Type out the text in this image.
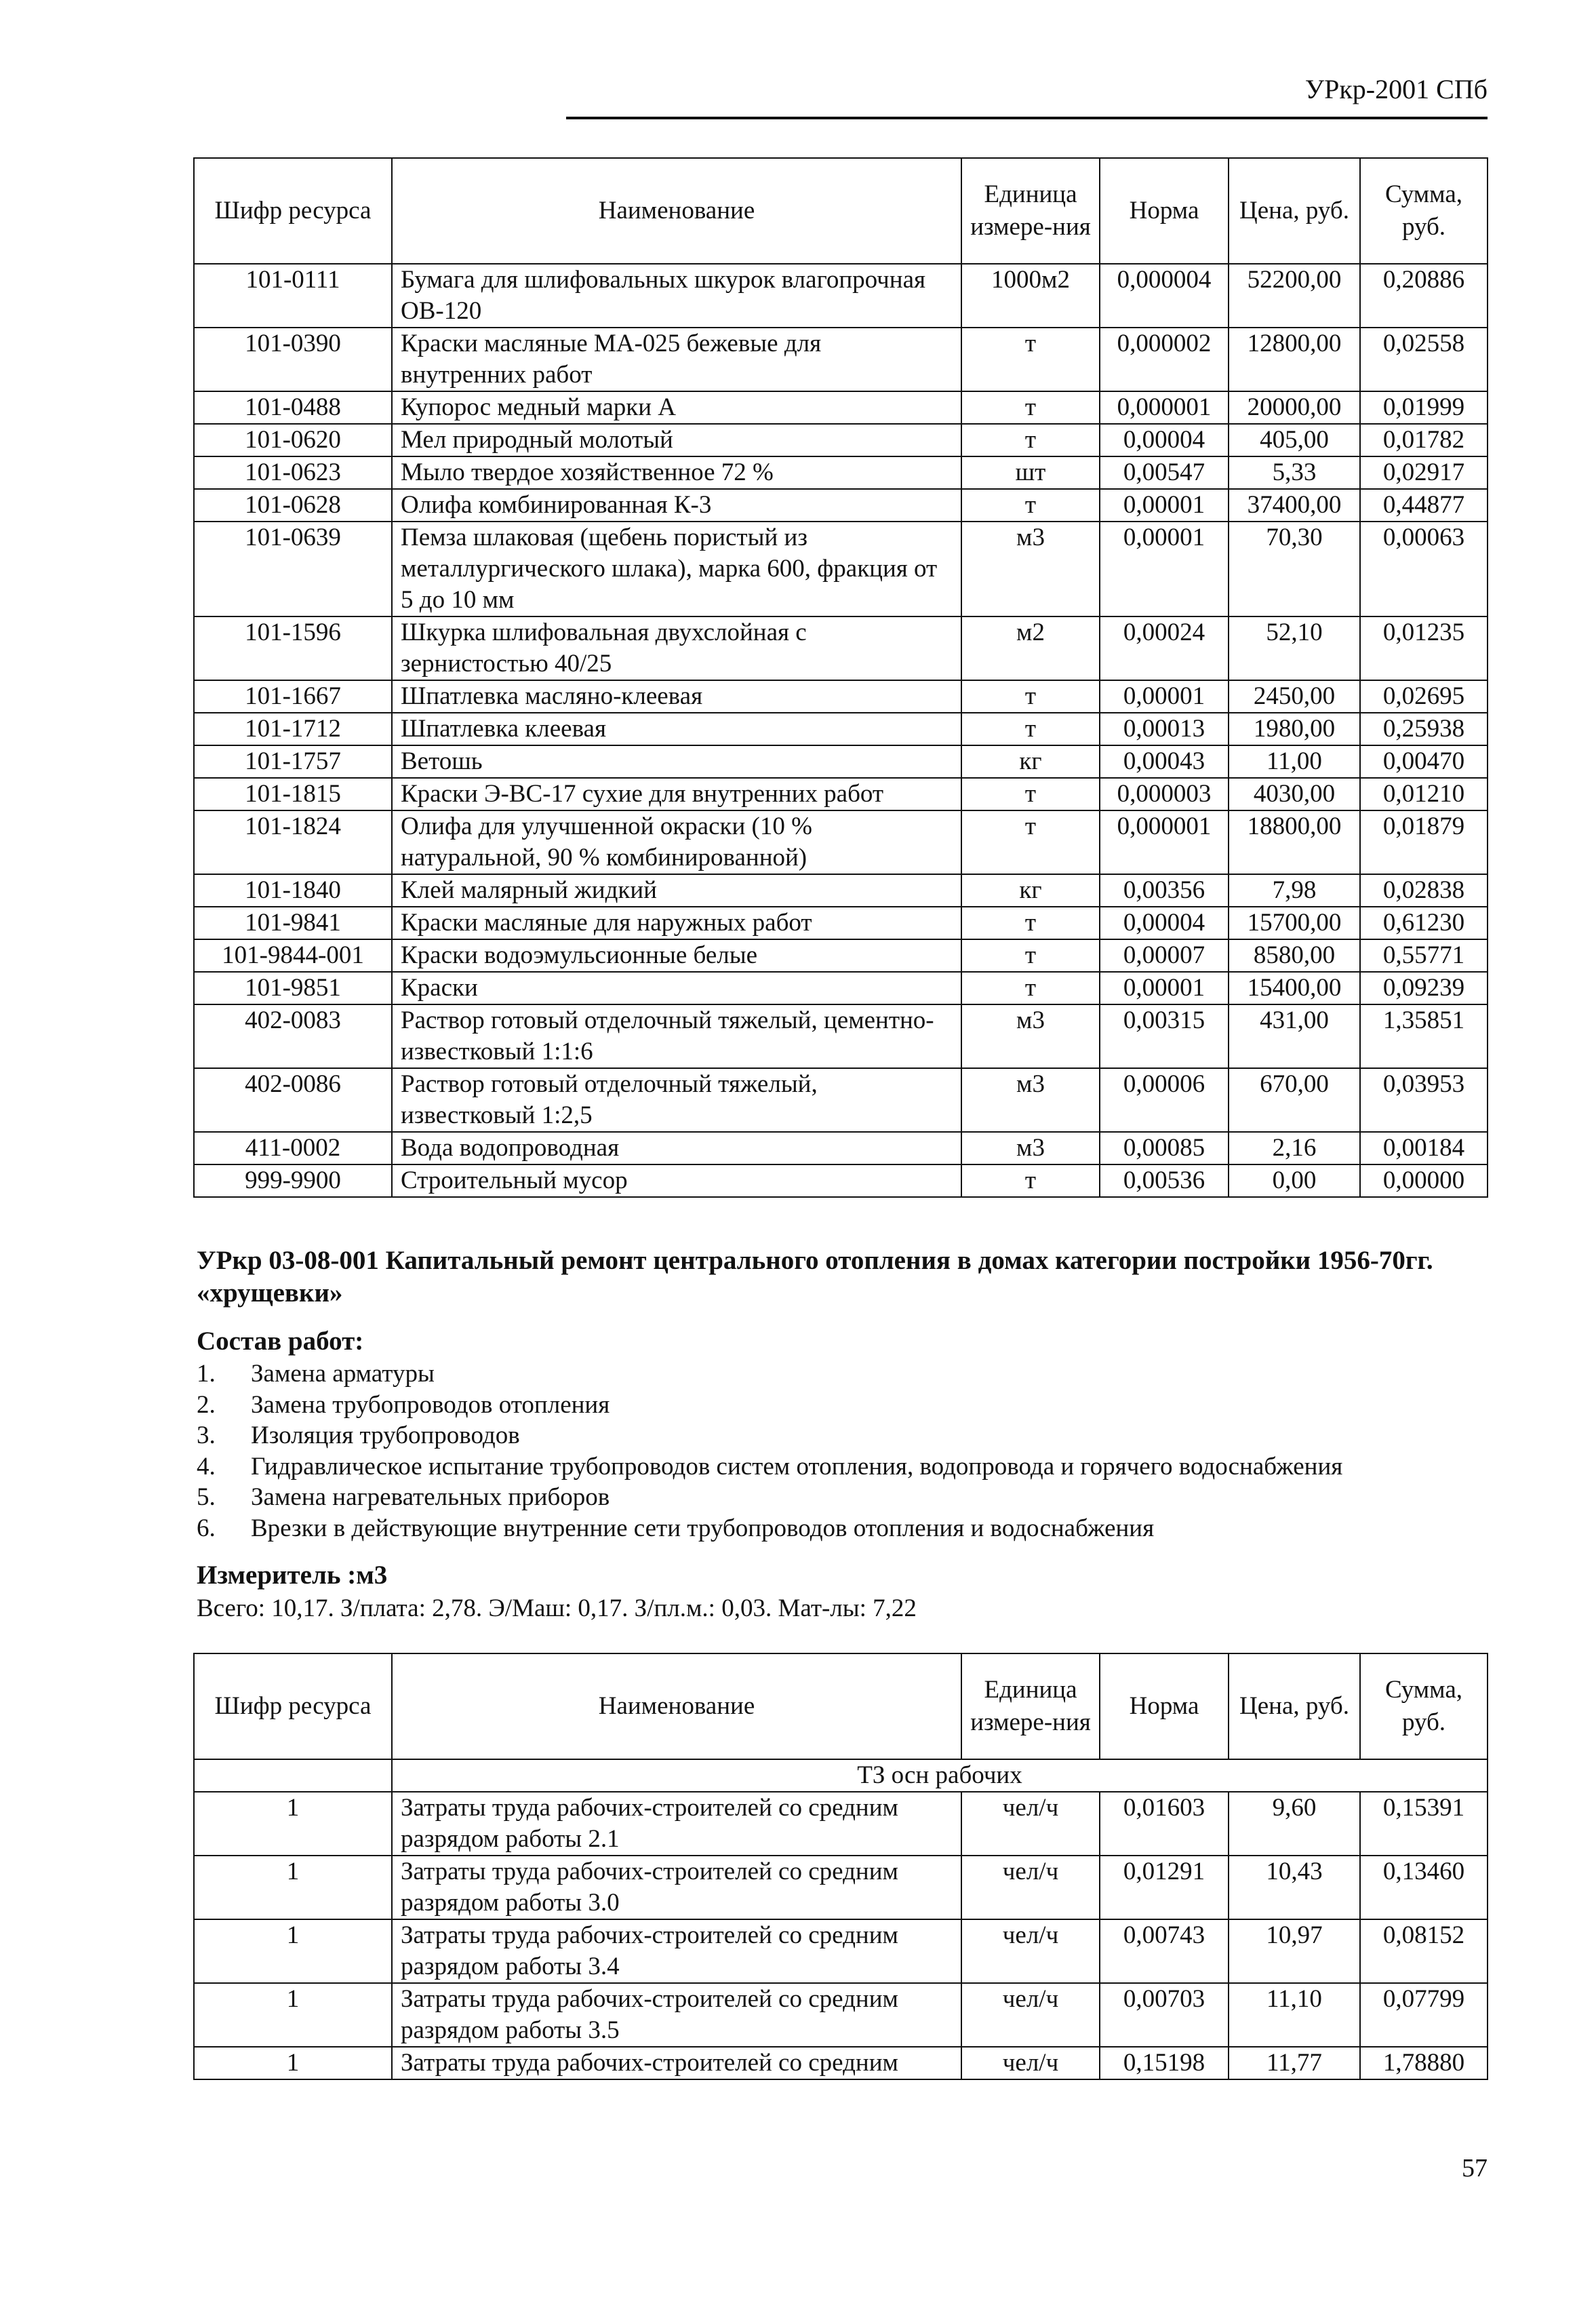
УРкр-2001 СПб
Шифр ресурса	Наименование	Единица измере-ния	Норма	Цена, руб.	Сумма, руб.
101-0111	Бумага для шлифовальных шкурок влагопрочная ОВ-120	1000м2	0,000004	52200,00	0,20886
101-0390	Краски масляные МА-025 бежевые для внутренних работ	т	0,000002	12800,00	0,02558
101-0488	Купорос медный марки А	т	0,000001	20000,00	0,01999
101-0620	Мел природный молотый	т	0,00004	405,00	0,01782
101-0623	Мыло твердое хозяйственное 72 %	шт	0,00547	5,33	0,02917
101-0628	Олифа комбинированная К-3	т	0,00001	37400,00	0,44877
101-0639	Пемза шлаковая (щебень пористый из металлургического шлака), марка 600, фракция от 5 до 10 мм	м3	0,00001	70,30	0,00063
101-1596	Шкурка шлифовальная двухслойная с зернистостью 40/25	м2	0,00024	52,10	0,01235
101-1667	Шпатлевка масляно-клеевая	т	0,00001	2450,00	0,02695
101-1712	Шпатлевка клеевая	т	0,00013	1980,00	0,25938
101-1757	Ветошь	кг	0,00043	11,00	0,00470
101-1815	Краски Э-ВС-17 сухие для внутренних работ	т	0,000003	4030,00	0,01210
101-1824	Олифа для улучшенной окраски (10 % натуральной, 90 % комбинированной)	т	0,000001	18800,00	0,01879
101-1840	Клей малярный жидкий	кг	0,00356	7,98	0,02838
101-9841	Краски масляные для наружных работ	т	0,00004	15700,00	0,61230
101-9844-001	Краски водоэмульсионные белые	т	0,00007	8580,00	0,55771
101-9851	Краски	т	0,00001	15400,00	0,09239
402-0083	Раствор готовый отделочный тяжелый, цементно-известковый 1:1:6	м3	0,00315	431,00	1,35851
402-0086	Раствор готовый отделочный тяжелый, известковый 1:2,5	м3	0,00006	670,00	0,03953
411-0002	Вода водопроводная	м3	0,00085	2,16	0,00184
999-9900	Строительный мусор	т	0,00536	0,00	0,00000
УРкр 03-08-001 Капитальный ремонт центрального отопления в домах категории постройки 1956-70гг. «хрущевки»
Состав работ:
1. Замена арматуры
2. Замена трубопроводов отопления
3. Изоляция трубопроводов
4. Гидравлическое испытание трубопроводов систем отопления, водопровода и горячего водоснабжения
5. Замена нагревательных приборов
6. Врезки в действующие внутренние сети трубопроводов отопления и водоснабжения
Измеритель :м3
Всего: 10,17. З/плата: 2,78. Э/Маш: 0,17. З/пл.м.: 0,03. Мат-лы: 7,22
Шифр ресурса	Наименование	Единица измере-ния	Норма	Цена, руб.	Сумма, руб.
	ТЗ осн рабочих				
1	Затраты труда рабочих-строителей со средним разрядом работы 2.1	чел/ч	0,01603	9,60	0,15391
1	Затраты труда рабочих-строителей со средним разрядом работы 3.0	чел/ч	0,01291	10,43	0,13460
1	Затраты труда рабочих-строителей со средним разрядом работы 3.4	чел/ч	0,00743	10,97	0,08152
1	Затраты труда рабочих-строителей со средним разрядом работы 3.5	чел/ч	0,00703	11,10	0,07799
1	Затраты труда рабочих-строителей со средним	чел/ч	0,15198	11,77	1,78880
57
